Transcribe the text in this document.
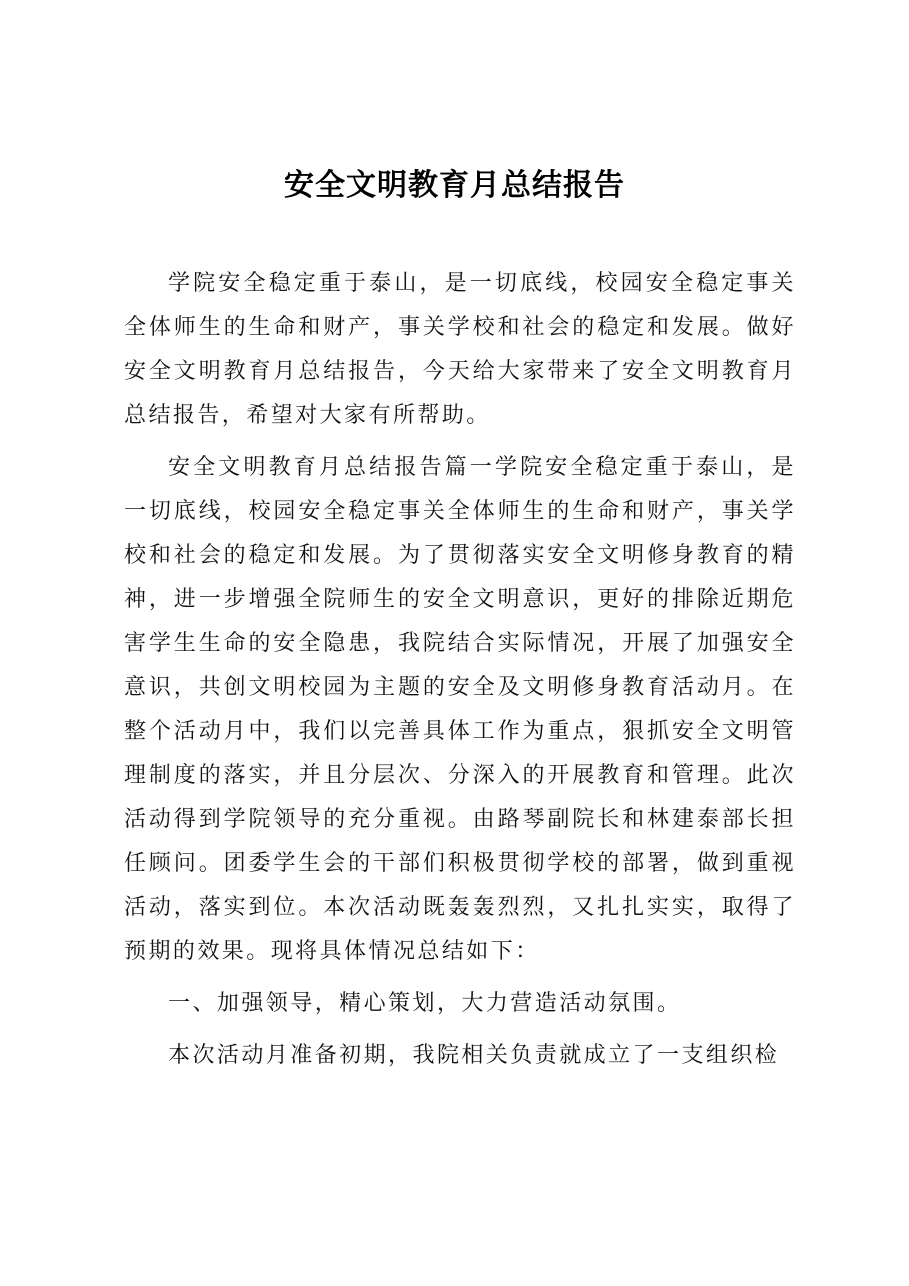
安全文明教育月总结报告

学院安全稳定重于泰山，是一切底线，校园安全稳定事关全体师生的生命和财产，事关学校和社会的稳定和发展。做好安全文明教育月总结报告，今天给大家带来了安全文明教育月总结报告，希望对大家有所帮助。

安全文明教育月总结报告篇一学院安全稳定重于泰山，是一切底线，校园安全稳定事关全体师生的生命和财产，事关学校和社会的稳定和发展。为了贯彻落实安全文明修身教育的精神，进一步增强全院师生的安全文明意识，更好的排除近期危害学生生命的安全隐患，我院结合实际情况，开展了加强安全意识，共创文明校园为主题的安全及文明修身教育活动月。在整个活动月中，我们以完善具体工作为重点，狠抓安全文明管理制度的落实，并且分层次、分深入的开展教育和管理。此次活动得到学院领导的充分重视。由路琴副院长和林建泰部长担任顾问。团委学生会的干部们积极贯彻学校的部署，做到重视活动，落实到位。本次活动既轰轰烈烈，又扎扎实实，取得了预期的效果。现将具体情况总结如下：

一、加强领导，精心策划，大力营造活动氛围。

本次活动月准备初期，我院相关负责就成立了一支组织检
